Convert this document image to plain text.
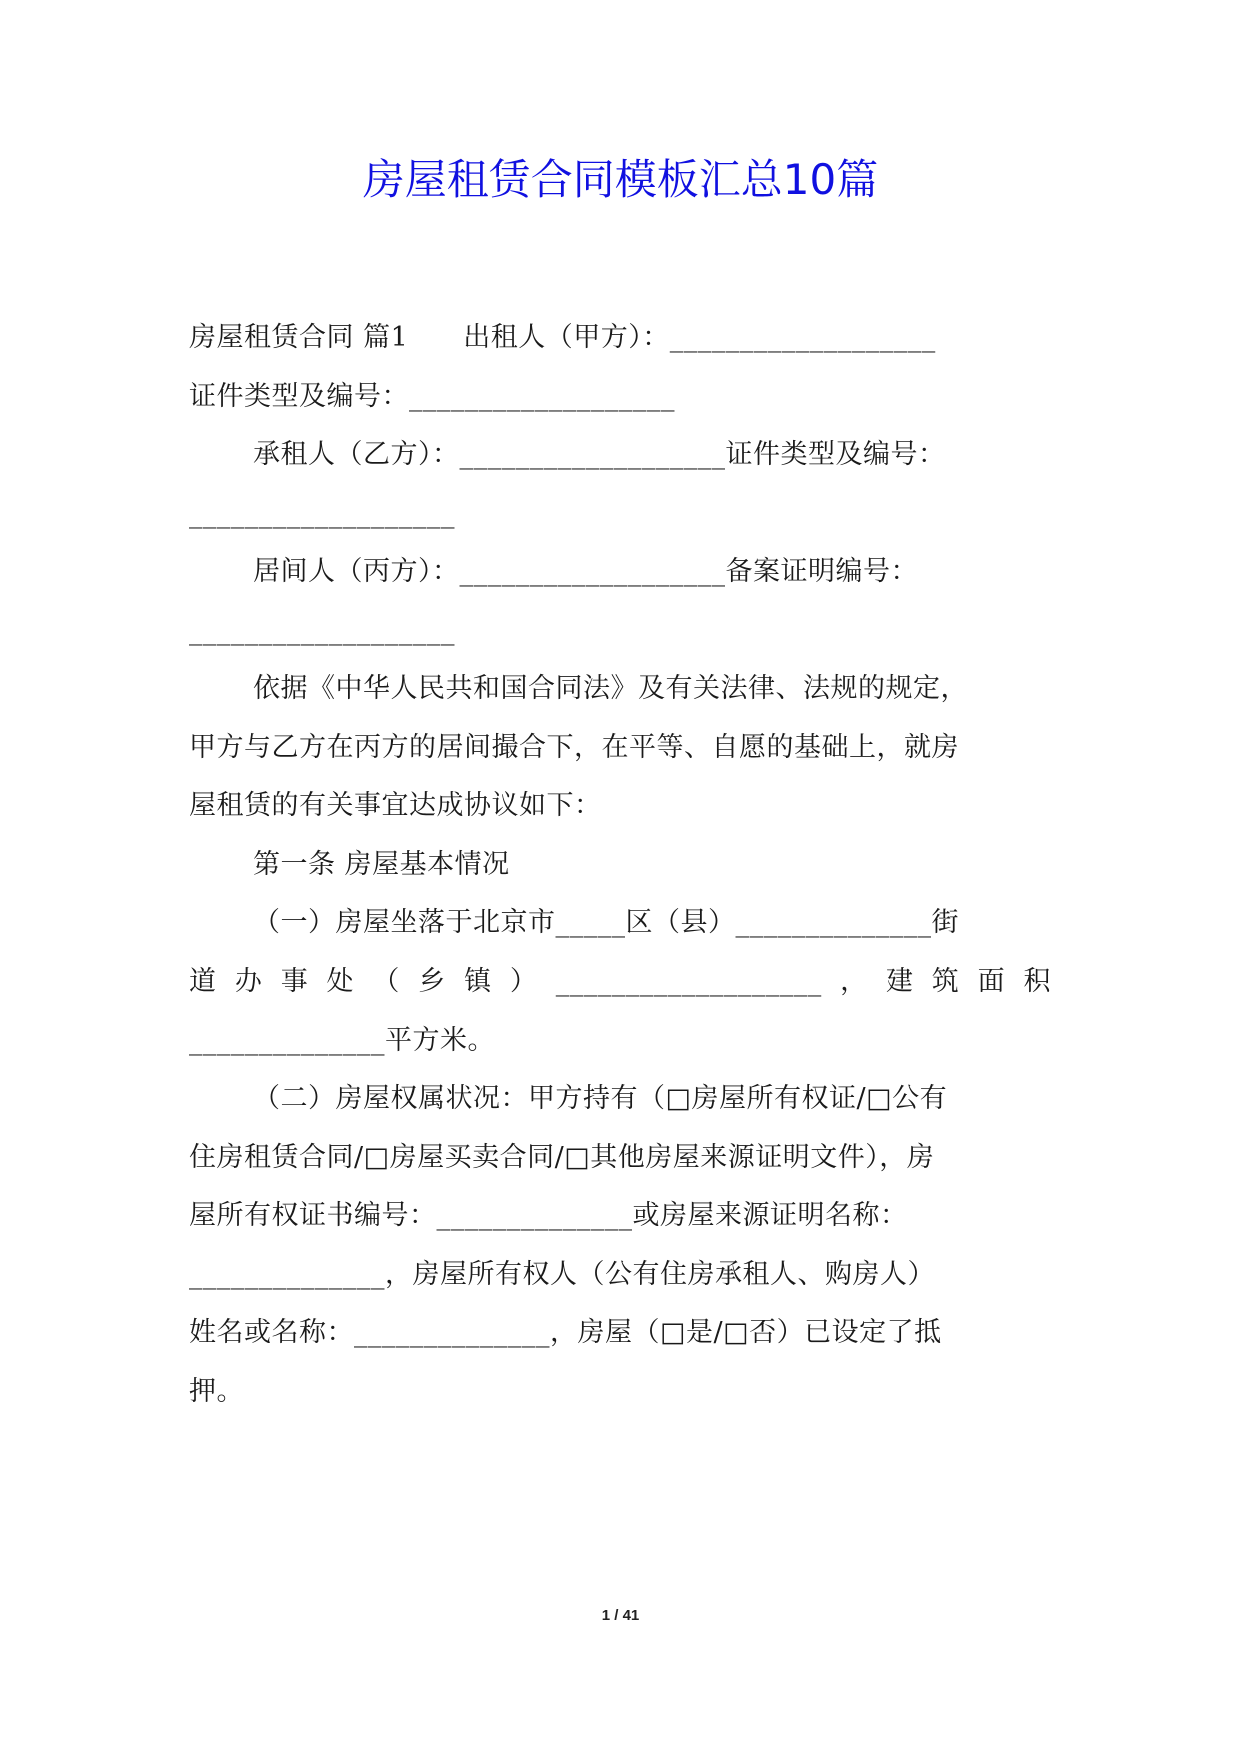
房屋租赁合同模板汇总10篇
房屋租赁合同 篇1　　出租人（甲方）：___________________
证件类型及编号：___________________
承租人（乙方）：___________________证件类型及编号：
___________________
居间人（丙方）：___________________备案证明编号：
___________________
依据《中华人民共和国合同法》及有关法律、法规的规定，
甲方与乙方在丙方的居间撮合下，在平等、自愿的基础上，就房
屋租赁的有关事宜达成协议如下：
第一条 房屋基本情况
（一）房屋坐落于北京市_____区（县）______________街
道 办 事 处 （ 乡 镇 ） ___________________ ， 建 筑 面 积
______________平方米。
（二）房屋权属状况：甲方持有（□房屋所有权证/□公有
住房租赁合同/□房屋买卖合同/□其他房屋来源证明文件），房
屋所有权证书编号：______________或房屋来源证明名称：
______________，房屋所有权人（公有住房承租人、购房人）
姓名或名称：______________，房屋（□是/□否）已设定了抵
押。
1 / 41
